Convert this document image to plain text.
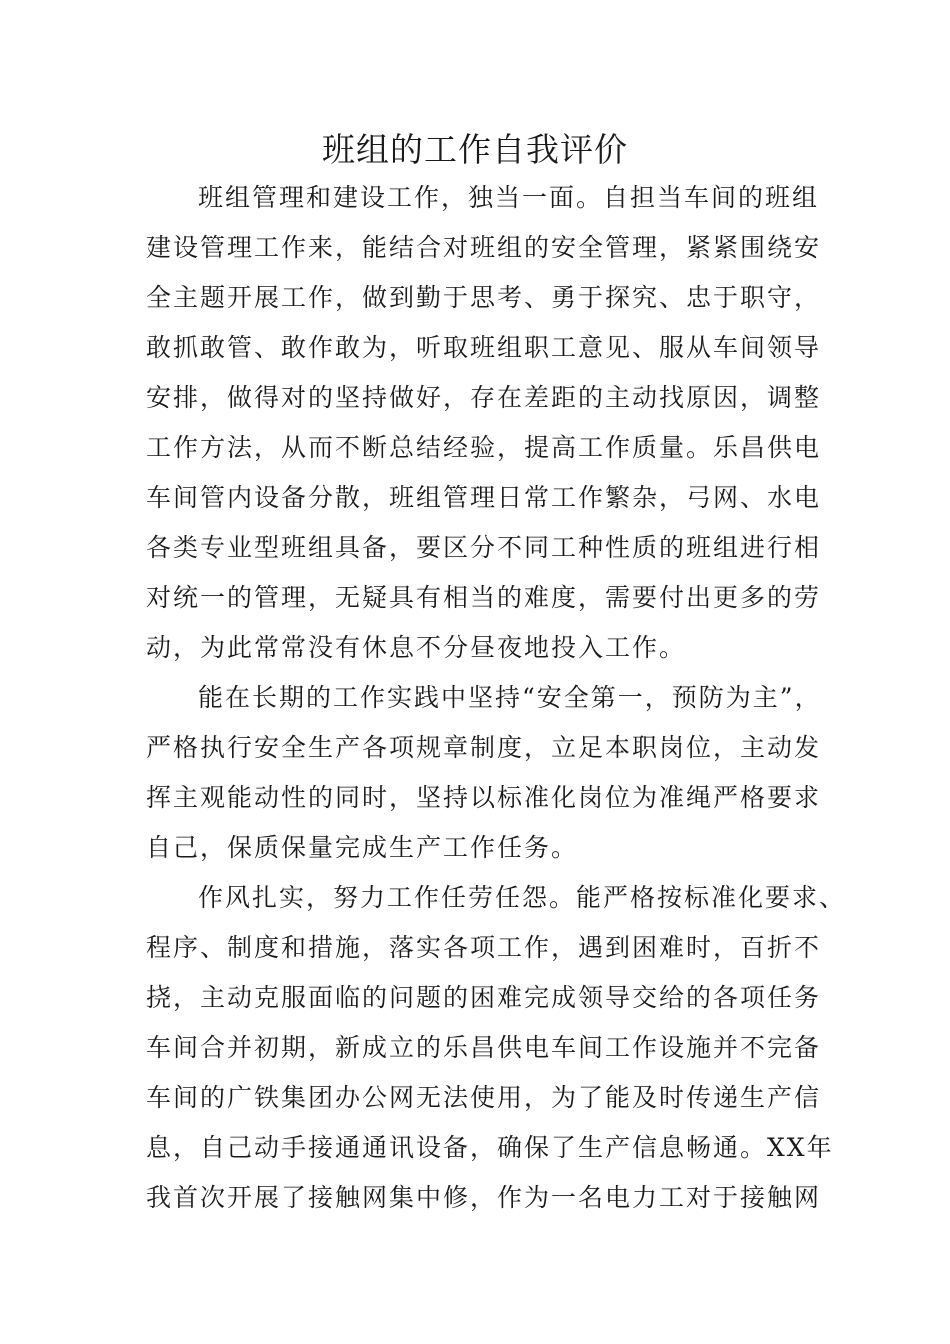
班组的工作自我评价
班组管理和建设工作，独当一面。自担当车间的班组
建设管理工作来，能结合对班组的安全管理，紧紧围绕安
全主题开展工作，做到勤于思考、勇于探究、忠于职守，
敢抓敢管、敢作敢为，听取班组职工意见、服从车间领导
安排，做得对的坚持做好，存在差距的主动找原因，调整
工作方法，从而不断总结经验，提高工作质量。乐昌供电
车间管内设备分散，班组管理日常工作繁杂，弓网、水电
各类专业型班组具备，要区分不同工种性质的班组进行相
对统一的管理，无疑具有相当的难度，需要付出更多的劳
动，为此常常没有休息不分昼夜地投入工作。
能在长期的工作实践中坚持“安全第一，预防为主”，
严格执行安全生产各项规章制度，立足本职岗位，主动发
挥主观能动性的同时，坚持以标准化岗位为准绳严格要求
自己，保质保量完成生产工作任务。
作风扎实，努力工作任劳任怨。能严格按标准化要求、
程序、制度和措施，落实各项工作，遇到困难时，百折不
挠，主动克服面临的问题的困难完成领导交给的各项任务
车间合并初期，新成立的乐昌供电车间工作设施并不完备
车间的广铁集团办公网无法使用，为了能及时传递生产信
息，自己动手接通通讯设备，确保了生产信息畅通。XX年
我首次开展了接触网集中修，作为一名电力工对于接触网
